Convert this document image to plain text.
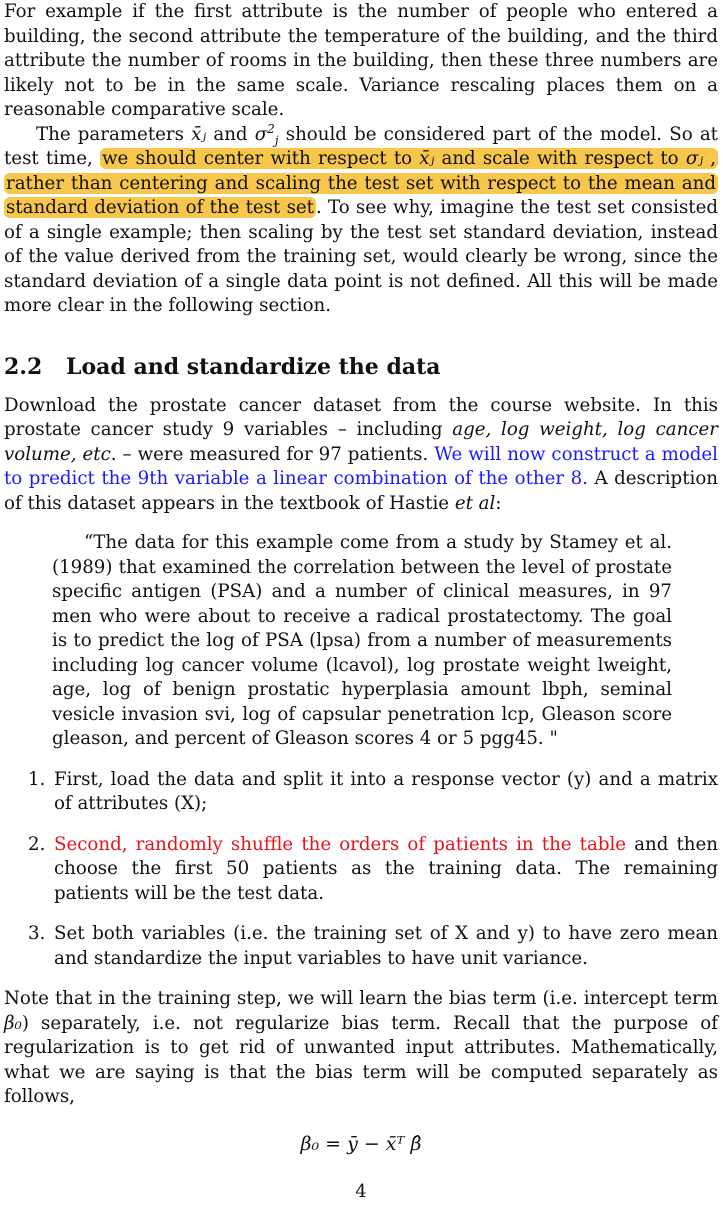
For example if the first attribute is the number of people who entered a building, the second attribute the temperature of the building, and the third attribute the number of rooms in the building, then these three numbers are likely not to be in the same scale. Variance rescaling places them on a reasonable comparative scale.

The parameters x̄ⱼ and $\sigma^2_j$ should be considered part of the model. So at test time, we should center with respect to x̄ⱼ and scale with respect to σⱼ , rather than centering and scaling the test set with respect to the mean and standard deviation of the test set . To see why, imagine the test set consisted of a single example; then scaling by the test set standard deviation, instead of the value derived from the training set, would clearly be wrong, since the standard deviation of a single data point is not defined. All this will be made more clear in the following section.

2.2 Load and standardize the data

Download the prostate cancer dataset from the course website. In this prostate cancer study 9 variables – including age, log weight, log cancer volume, etc. – were measured for 97 patients. We will now construct a model to predict the 9th variable a linear combination of the other 8. A description of this dataset appears in the textbook of Hastie et al:

“The data for this example come from a study by Stamey et al. (1989) that examined the correlation between the level of prostate specific antigen (PSA) and a number of clinical measures, in 97 men who were about to receive a radical prostatectomy. The goal is to predict the log of PSA (lpsa) from a number of measurements including log cancer volume (lcavol), log prostate weight lweight, age, log of benign prostatic hyperplasia amount lbph, seminal vesicle invasion svi, log of capsular penetration lcp, Gleason score gleason, and percent of Gleason scores 4 or 5 pgg45. "

1. First, load the data and split it into a response vector (y) and a matrix of attributes (X);
2. Second, randomly shuffle the orders of patients in the table and then choose the first 50 patients as the training data. The remaining patients will be the test data.
3. Set both variables (i.e. the training set of X and y) to have zero mean and standardize the input variables to have unit variance.

Note that in the training step, we will learn the bias term (i.e. intercept term β₀) separately, i.e. not regularize bias term. Recall that the purpose of regularization is to get rid of unwanted input attributes. Mathematically, what we are saying is that the bias term will be computed separately as follows,

β₀ = ȳ − x̄ᵀ β̂

4
